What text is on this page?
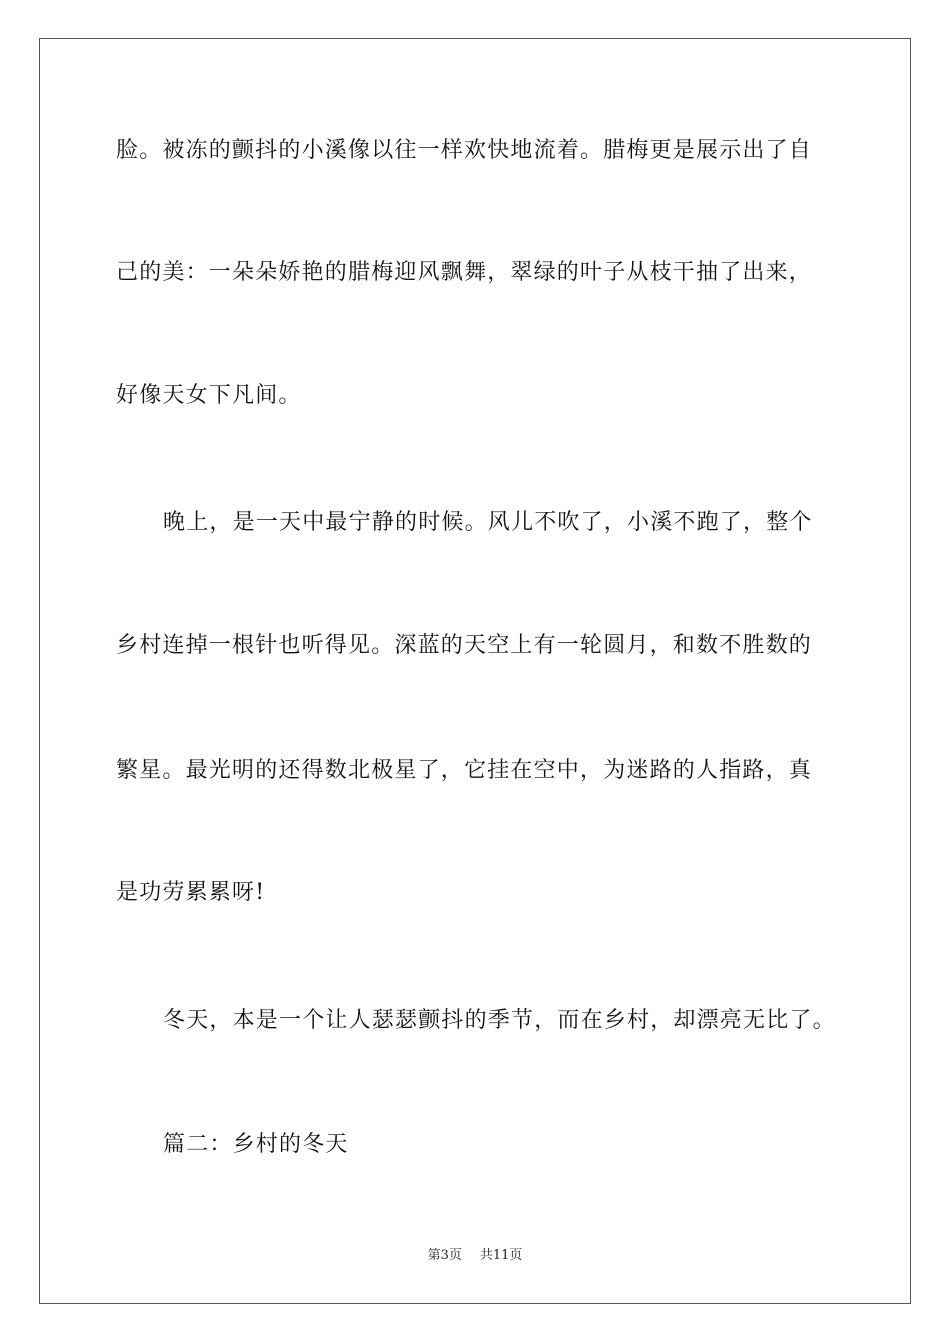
脸。被冻的颤抖的小溪像以往一样欢快地流着。腊梅更是展示出了自
己的美：一朵朵娇艳的腊梅迎风飘舞，翠绿的叶子从枝干抽了出来，
好像天女下凡间。
晚上，是一天中最宁静的时候。风儿不吹了，小溪不跑了，整个
乡村连掉一根针也听得见。深蓝的天空上有一轮圆月，和数不胜数的
繁星。最光明的还得数北极星了，它挂在空中，为迷路的人指路，真
是功劳累累呀!
冬天，本是一个让人瑟瑟颤抖的季节，而在乡村，却漂亮无比了。
篇二：乡村的冬天
第3页 共11页
